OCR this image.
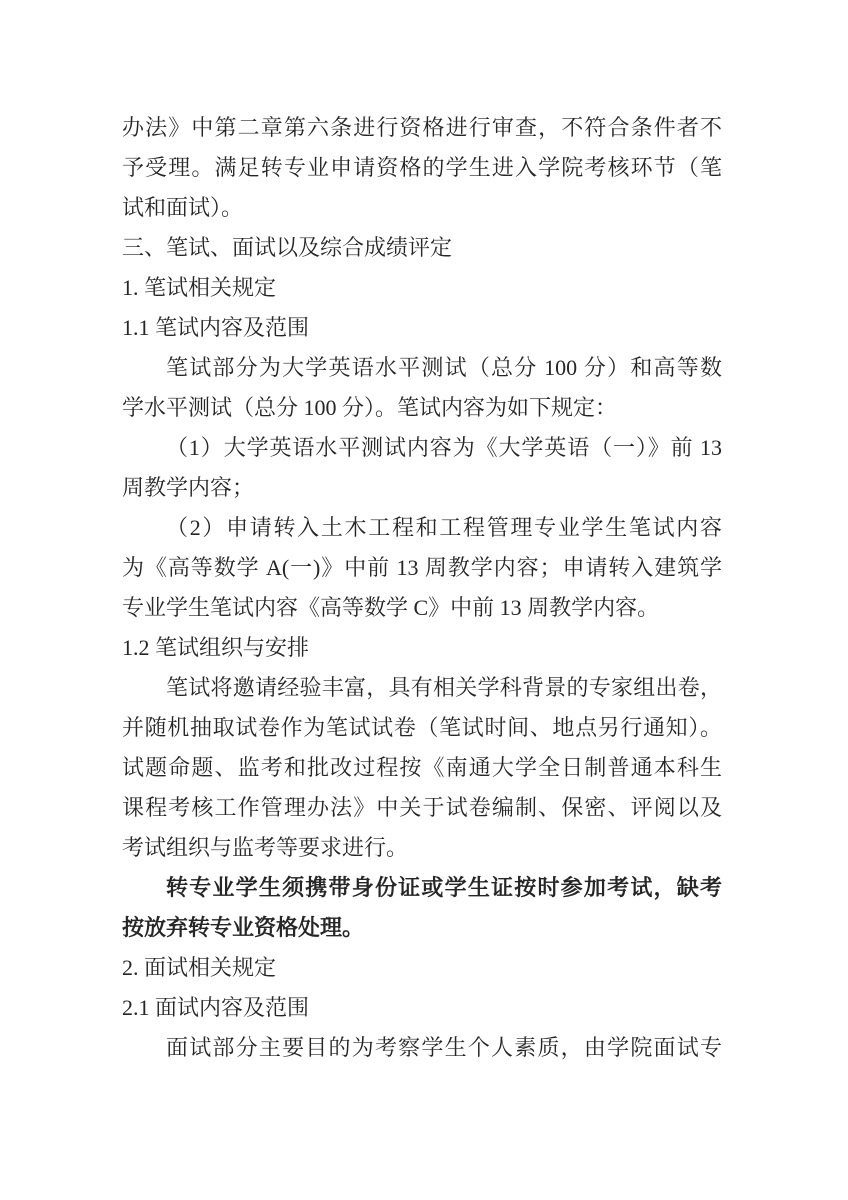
办法》中第二章第六条进行资格进行审查，不符合条件者不
予受理。满足转专业申请资格的学生进入学院考核环节（笔
试和面试）。
三、笔试、面试以及综合成绩评定
1. 笔试相关规定
1.1 笔试内容及范围
笔试部分为大学英语水平测试（总分 100 分）和高等数
学水平测试（总分 100 分）。笔试内容为如下规定：
（1）大学英语水平测试内容为《大学英语（一）》前 13
周教学内容；
（2）申请转入土木工程和工程管理专业学生笔试内容
为《高等数学 A(一)》中前 13 周教学内容；申请转入建筑学
专业学生笔试内容《高等数学 C》中前 13 周教学内容。
1.2 笔试组织与安排
笔试将邀请经验丰富，具有相关学科背景的专家组出卷，
并随机抽取试卷作为笔试试卷（笔试时间、地点另行通知）。
试题命题、监考和批改过程按《南通大学全日制普通本科生
课程考核工作管理办法》中关于试卷编制、保密、评阅以及
考试组织与监考等要求进行。
转专业学生须携带身份证或学生证按时参加考试，缺考
按放弃转专业资格处理。
2. 面试相关规定
2.1 面试内容及范围
面试部分主要目的为考察学生个人素质，由学院面试专
